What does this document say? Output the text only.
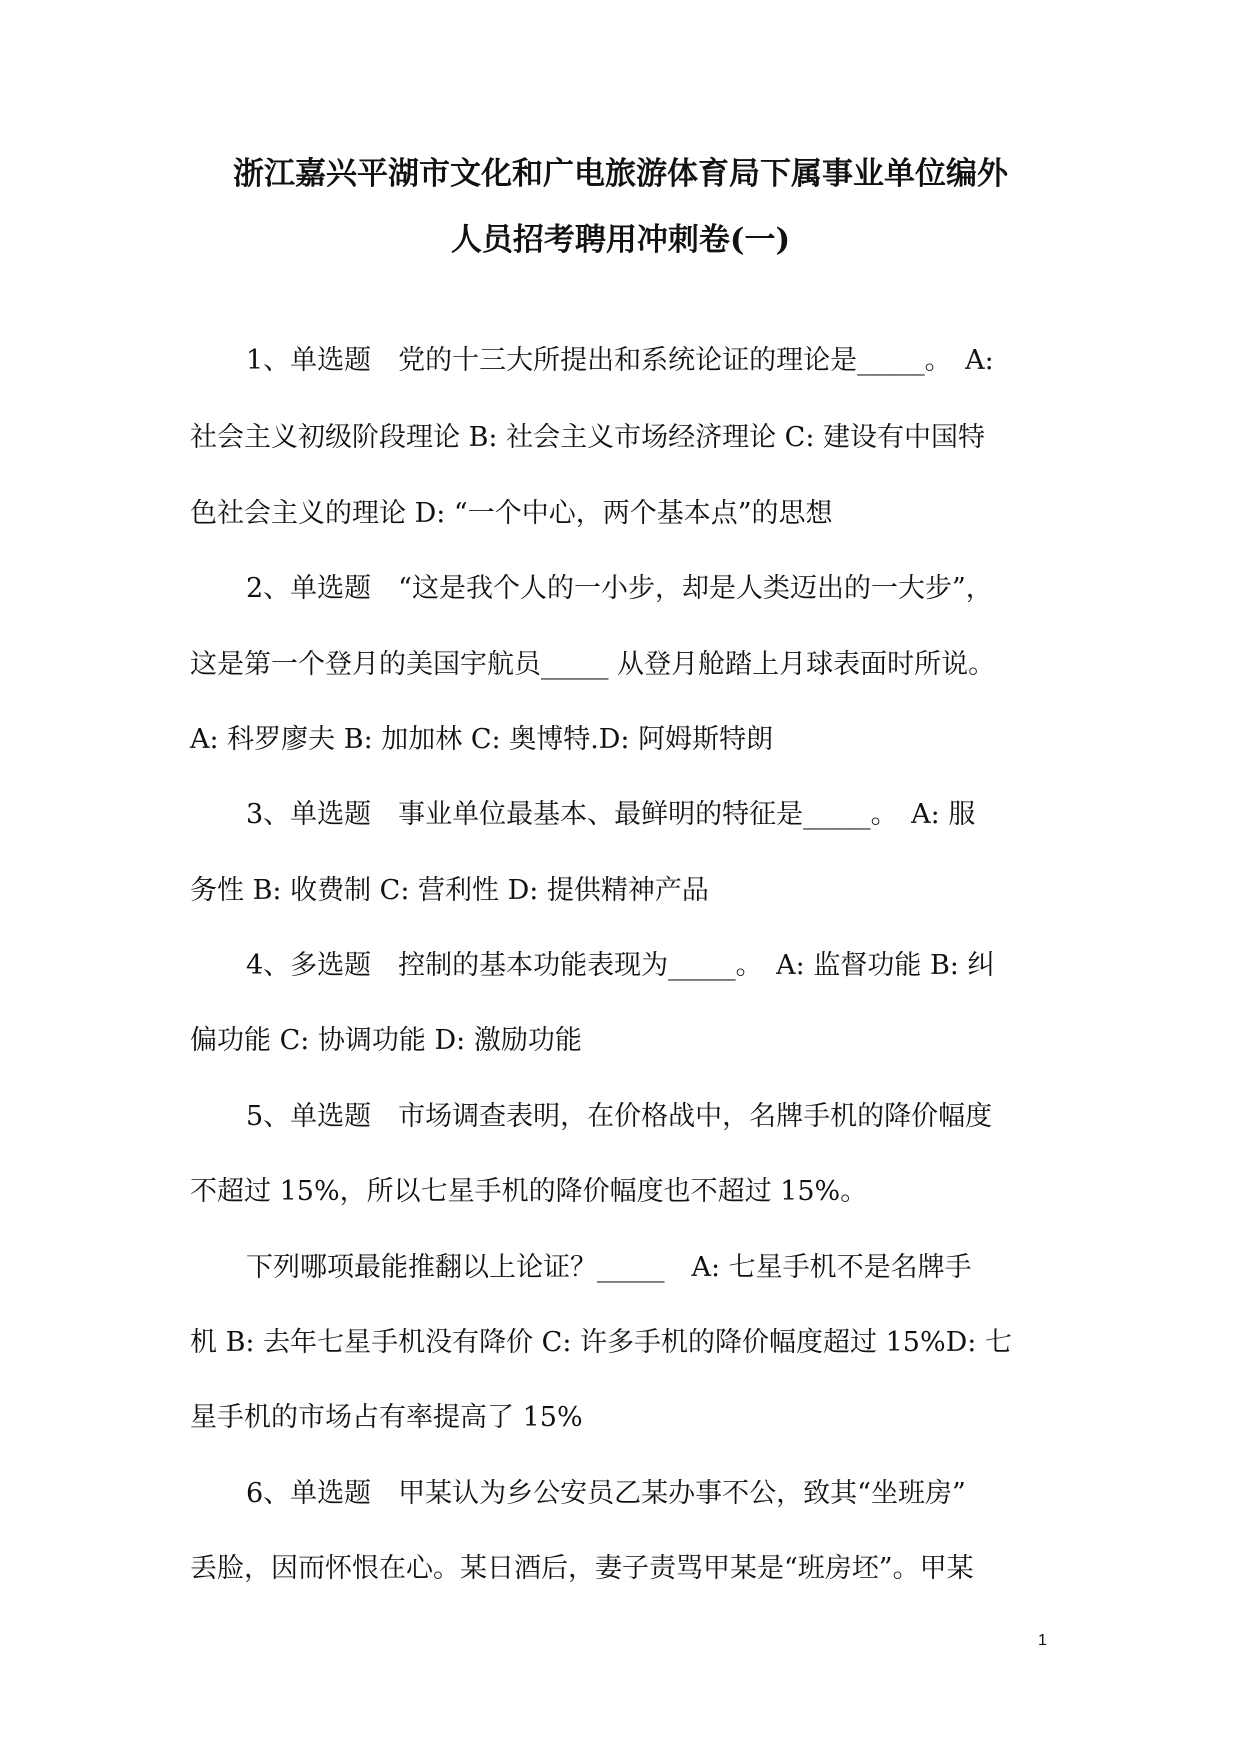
浙江嘉兴平湖市文化和广电旅游体育局下属事业单位编外
人员招考聘用冲刺卷(一)
1、单选题　党的十三大所提出和系统论证的理论是_____。　A:
社会主义初级阶段理论 B: 社会主义市场经济理论 C: 建设有中国特
色社会主义的理论 D: “一个中心，两个基本点”的思想
2、单选题　“这是我个人的一小步，却是人类迈出的一大步”，
这是第一个登月的美国宇航员_____ 从登月舱踏上月球表面时所说。
A: 科罗廖夫 B: 加加林 C: 奥博特.D: 阿姆斯特朗
3、单选题　事业单位最基本、最鲜明的特征是_____。　A: 服
务性 B: 收费制 C: 营利性 D: 提供精神产品
4、多选题　控制的基本功能表现为_____。　A: 监督功能 B: 纠
偏功能 C: 协调功能 D: 激励功能
5、单选题　市场调查表明，在价格战中，名牌手机的降价幅度
不超过 15%，所以七星手机的降价幅度也不超过 15%。
下列哪项最能推翻以上论证？_____　A: 七星手机不是名牌手
机 B: 去年七星手机没有降价 C: 许多手机的降价幅度超过 15%D: 七
星手机的市场占有率提高了 15%
6、单选题　甲某认为乡公安员乙某办事不公，致其“坐班房”
丢脸，因而怀恨在心。某日酒后，妻子责骂甲某是“班房坯”。甲某
1
